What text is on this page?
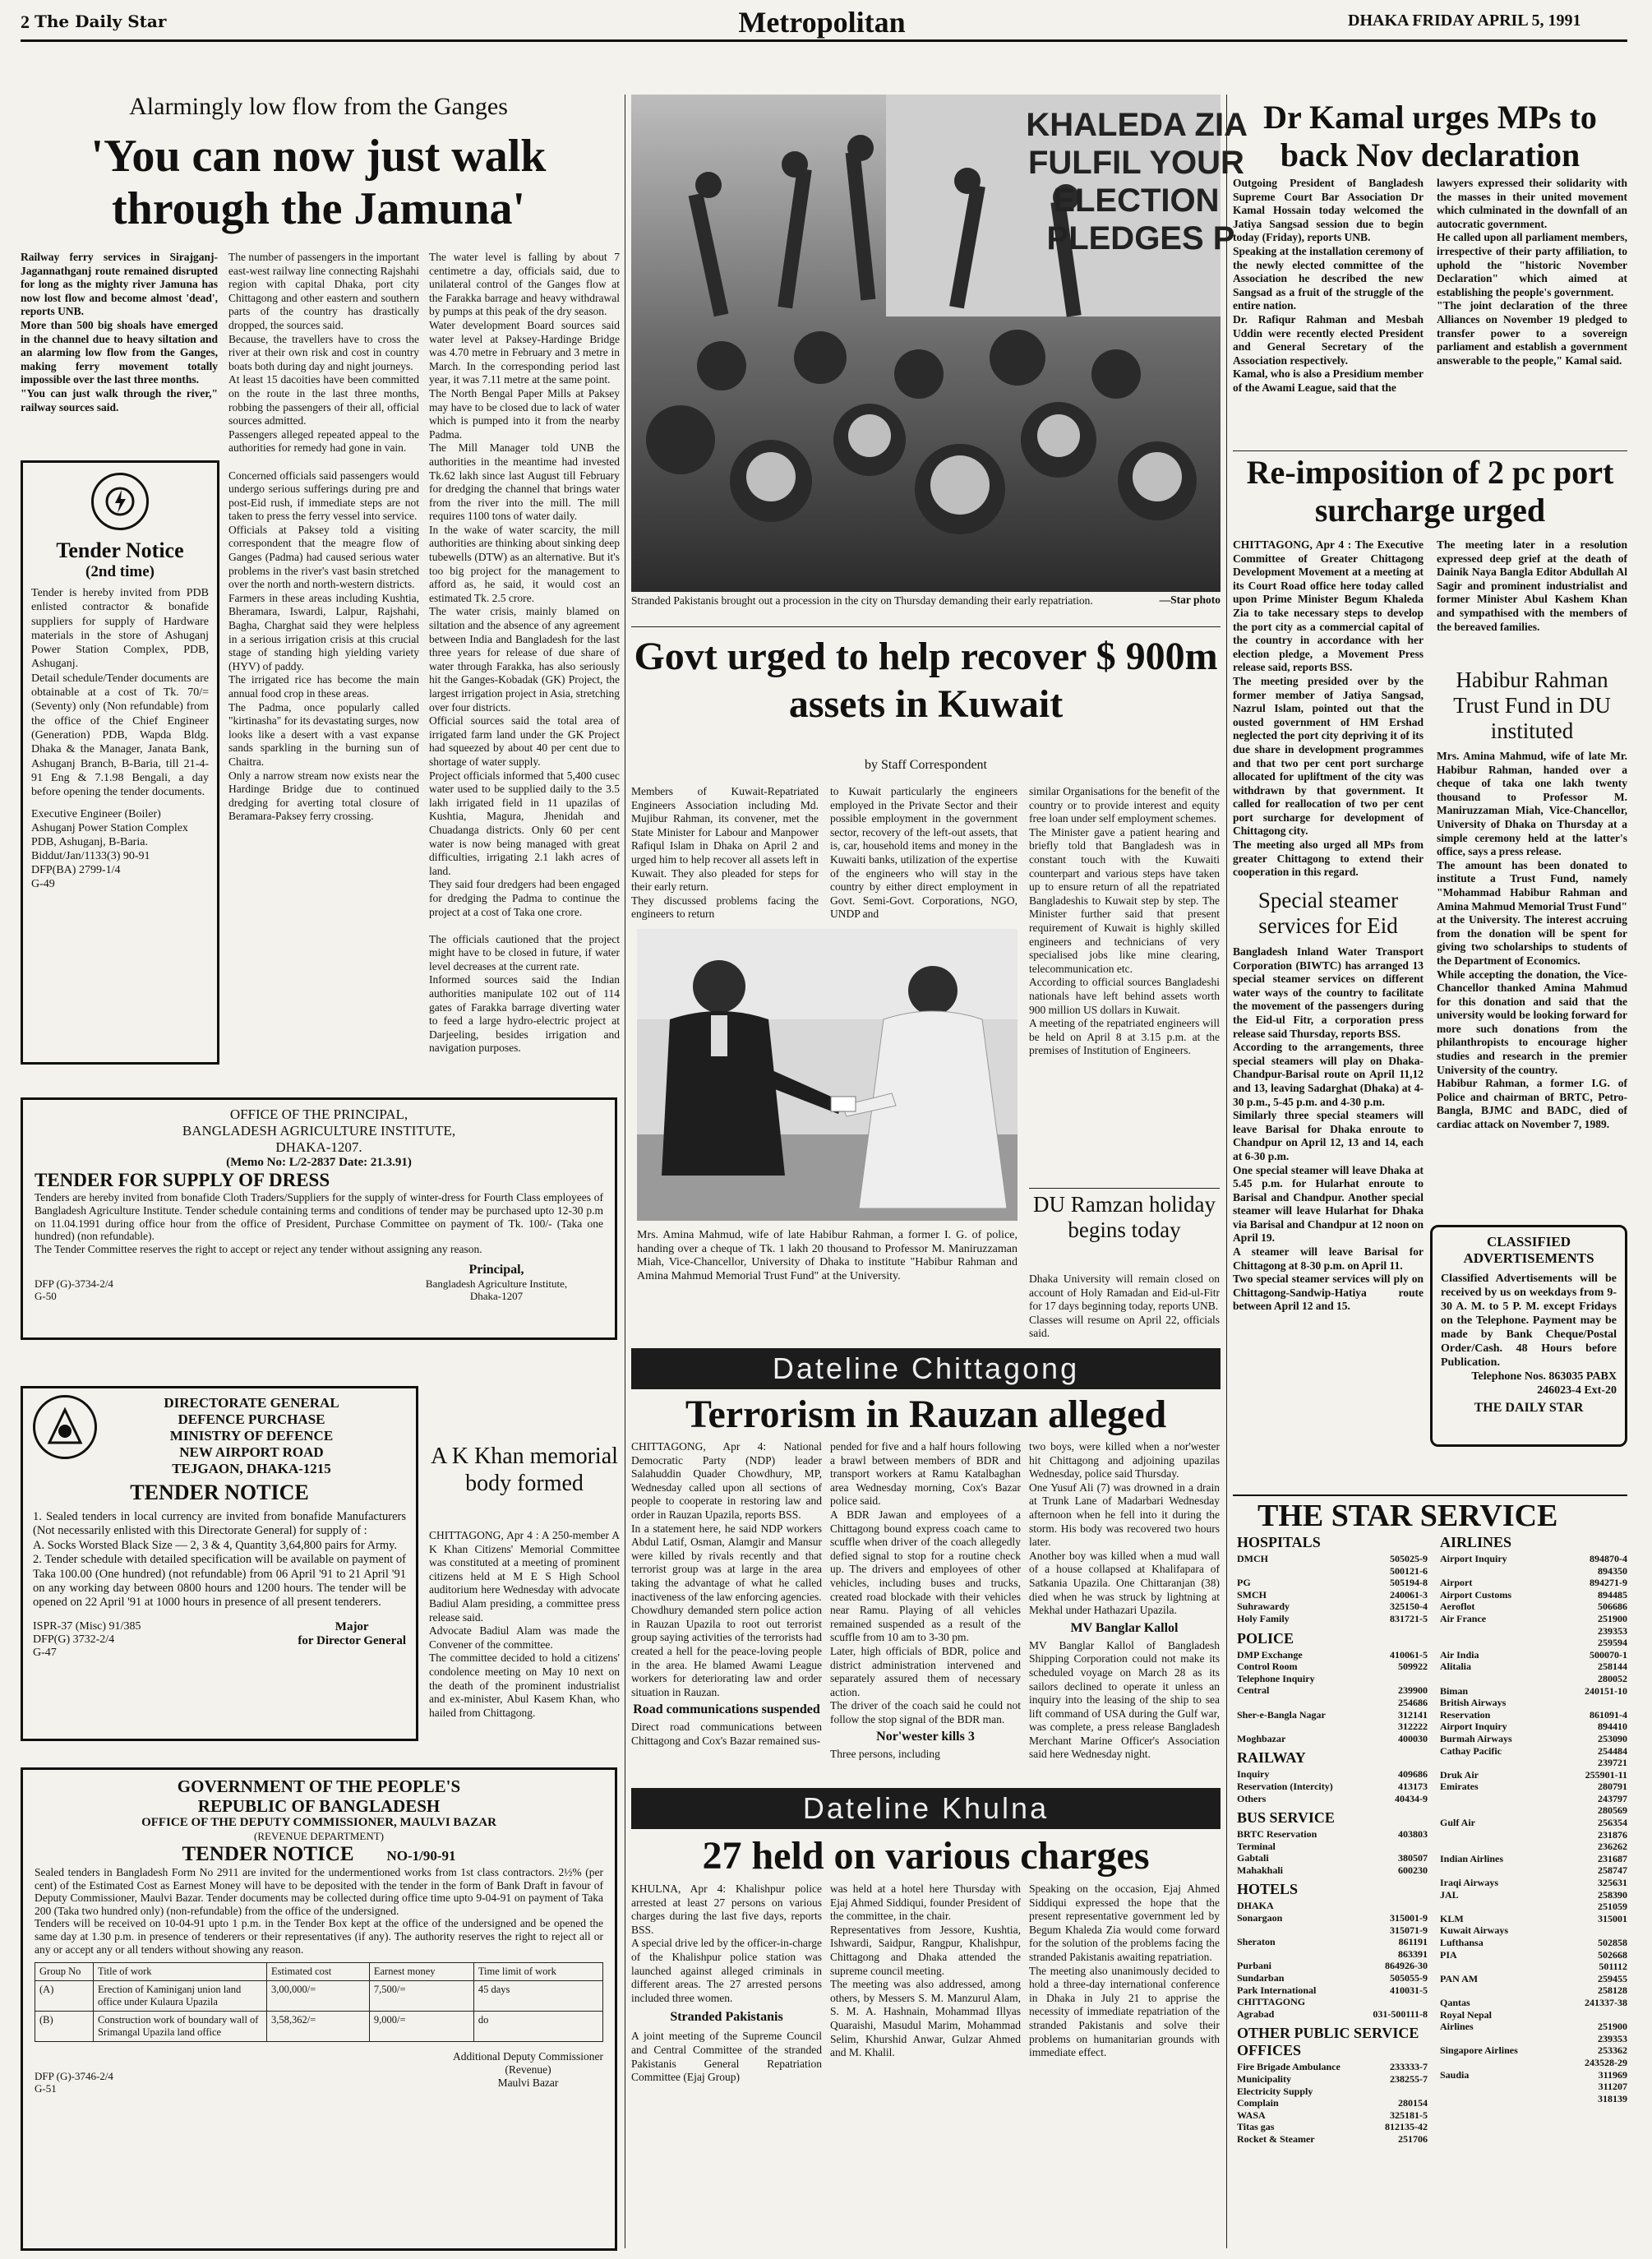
2 The Daily Star	Metropolitan	DHAKA FRIDAY APRIL 5, 1991
Alarmingly low flow from the Ganges
'You can now just walk through the Jamuna'

Railway ferry services in Sirajganj-Jagannathganj route remained disrupted for long as the mighty river Jamuna has now lost flow and become almost 'dead', reports UNB.
More than 500 big shoals have emerged in the channel due to heavy siltation and an alarming low flow from the Ganges, making ferry movement totally impossible over the last three months.
"You can just walk through the river," railway sources said.

The number of passengers in the important east-west railway line connecting Rajshahi region with capital Dhaka, port city Chittagong and other eastern and southern parts of the country has drastically dropped, the sources said.
Because, the travellers have to cross the river at their own risk and cost in country boats both during day and night journeys.
At least 15 dacoities have been committed on the route in the last three months, robbing the passengers of their all, official sources admitted.
Passengers alleged repeated appeal to the authorities for remedy had gone in vain.

Concerned officials said passengers would undergo serious sufferings during pre and post-Eid rush, if immediate steps are not taken to press the ferry vessel into service.
Officials at Paksey told a visiting correspondent that the meagre flow of Ganges (Padma) had caused serious water problems in the river's vast basin stretched over the north and north-western districts.
Farmers in these areas including Kushtia, Bheramara, Iswardi, Lalpur, Rajshahi, Bagha, Charghat said they were helpless in a serious irrigation crisis at this crucial stage of standing high yielding variety (HYV) of paddy.
The irrigated rice has become the main annual food crop in these areas.
The Padma, once popularly called "kirtinasha" for its devastating surges, now looks like a desert with a vast expanse sands sparkling in the burning sun of Chaitra.
Only a narrow stream now exists near the Hardinge Bridge due to continued dredging for averting total closure of Beramara-Paksey ferry crossing.

The water level is falling by about 7 centimetre a day, officials said, due to unilateral control of the Ganges flow at the Farakka barrage and heavy withdrawal by pumps at this peak of the dry season.
Water development Board sources said water level at Paksey-Hardinge Bridge was 4.70 metre in February and 3 metre in March. In the corresponding period last year, it was 7.11 metre at the same point.
The North Bengal Paper Mills at Paksey may have to be closed due to lack of water which is pumped into it from the nearby Padma.
The Mill Manager told UNB the authorities in the meantime had invested Tk.62 lakh since last August till February for dredging the channel that brings water from the river into the mill. The mill requires 1100 tons of water daily.
In the wake of water scarcity, the mill authorities are thinking about sinking deep tubewells (DTW) as an alternative. But it's too big project for the management to afford as, he said, it would cost an estimated Tk. 2.5 crore.
The water crisis, mainly blamed on siltation and the absence of any agreement between India and Bangladesh for the last three years for release of due share of water through Farakka, has also seriously hit the Ganges-Kobadak (GK) Project, the largest irrigation project in Asia, stretching over four districts.
Official sources said the total area of irrigated farm land under the GK Project had squeezed by about 40 per cent due to shortage of water supply.
Project officials informed that 5,400 cusec water used to be supplied daily to the 3.5 lakh irrigated field in 11 upazilas of Kushtia, Magura, Jhenidah and Chuadanga districts. Only 60 per cent water is now being managed with great difficulties, irrigating 2.1 lakh acres of land.
They said four dredgers had been engaged for dredging the Padma to continue the project at a cost of Taka one crore.

The officials cautioned that the project might have to be closed in future, if water level decreases at the current rate.
Informed sources said the Indian authorities manipulate 102 out of 114 gates of Farakka barrage diverting water to feed a large hydro-electric project at Darjeeling, besides irrigation and navigation purposes.

Tender Notice
(2nd time)

Tender is hereby invited from PDB enlisted contractor & bonafide suppliers for supply of Hardware materials in the store of Ashuganj Power Station Complex, PDB, Ashuganj.
Detail schedule/Tender documents are obtainable at a cost of Tk. 70/= (Seventy) only (Non refundable) from the office of the Chief Engineer (Generation) PDB, Wapda Bldg. Dhaka & the Manager, Janata Bank, Ashuganj Branch, B-Baria, till 21-4-91 Eng & 7.1.98 Bengali, a day before opening the tender documents.

Executive Engineer (Boiler)
Ashuganj Power Station Complex
PDB, Ashuganj, B-Baria.
Biddut/Jan/1133(3) 90-91
DFP(BA) 2799-1/4
G-49

OFFICE OF THE PRINCIPAL,
BANGLADESH AGRICULTURE INSTITUTE,
DHAKA-1207.
(Memo No: L/2-2837 Date: 21.3.91)
TENDER FOR SUPPLY OF DRESS

Tenders are hereby invited from bonafide Cloth Traders/Suppliers for the supply of winter-dress for Fourth Class employees of Bangladesh Agriculture Institute. Tender schedule containing terms and conditions of tender may be purchased upto 12-30 p.m on 11.04.1991 during office hour from the office of President, Purchase Committee on payment of Tk. 100/- (Taka one hundred) (non refundable).
The Tender Committee reserves the right to accept or reject any tender without assigning any reason.

DFP (G)-3734-2/4
G-50

Principal,

Bangladesh Agriculture Institute,
Dhaka-1207

DIRECTORATE GENERAL
DEFENCE PURCHASE
MINISTRY OF DEFENCE
NEW AIRPORT ROAD
TEJGAON, DHAKA-1215
TENDER NOTICE

1. Sealed tenders in local currency are invited from bonafide Manufacturers (Not necessarily enlisted with this Directorate General) for supply of :
A. Socks Worsted Black Size — 2, 3 & 4, Quantity 3,64,800 pairs for Army.
2. Tender schedule with detailed specification will be available on payment of Taka 100.00 (One hundred) (not refundable) from 06 April '91 to 21 April '91 on any working day between 0800 hours and 1200 hours. The tender will be opened on 22 April '91 at 1000 hours in presence of all present tenderers.

ISPR-37 (Misc) 91/385
DFP(G) 3732-2/4
G-47

Major
for Director General

A K Khan memorial body formed

CHITTAGONG, Apr 4 : A 250-member A K Khan Citizens' Memorial Committee was constituted at a meeting of prominent citizens held at M E S High School auditorium here Wednesday with advocate Badiul Alam presiding, a committee press release said.
Advocate Badiul Alam was made the Convener of the committee.
The committee decided to hold a citizens' condolence meeting on May 10 next on the death of the prominent industrialist and ex-minister, Abul Kasem Khan, who hailed from Chittagong.

GOVERNMENT OF THE PEOPLE'S
REPUBLIC OF BANGLADESH
OFFICE OF THE DEPUTY COMMISSIONER, MAULVI BAZAR
(REVENUE DEPARTMENT)
TENDER NOTICE NO-1/90-91

Sealed tenders in Bangladesh Form No 2911 are invited for the undermentioned works from 1st class contractors. 2½% (per cent) of the Estimated Cost as Earnest Money will have to be deposited with the tender in the form of Bank Draft in favour of Deputy Commissioner, Maulvi Bazar. Tender documents may be collected during office time upto 9-04-91 on payment of Taka 200 (Taka two hundred only) (non-refundable) from the office of the undersigned.
Tenders will be received on 10-04-91 upto 1 p.m. in the Tender Box kept at the office of the undersigned and be opened the same day at 1.30 p.m. in presence of tenderers or their representatives (if any). The authority reserves the right to reject all or any or accept any or all tenders without showing any reason.

Group No	Title of work	Estimated cost	Earnest money	Time limit of work
(A)	Erection of Kaminiganj union land office under Kulaura Upazila	3,00,000/=	7,500/=	45 days
(B)	Construction work of boundary wall of Srimangal Upazila land office	3,58,362/=	9,000/=	do

DFP (G)-3746-2/4
G-51

Additional Deputy Commissioner
(Revenue)
Maulvi Bazar

KHALEDA ZIA FULFIL YOUR ELECTION PLEDGES P
Stranded Pakistanis brought out a procession in the city on Thursday demanding their early repatriation.	—Star photo
Govt urged to help recover $ 900m assets in Kuwait
by Staff Correspondent

Members of Kuwait-Repatriated Engineers Association including Md. Mujibur Rahman, its convener, met the State Minister for Labour and Manpower Rafiqul Islam in Dhaka on April 2 and urged him to help recover all assets left in Kuwait. They also pleaded for steps for their early return.
They discussed problems facing the engineers to return

to Kuwait particularly the engineers employed in the Private Sector and their possible employment in the government sector, recovery of the left-out assets, that is, car, household items and money in the Kuwaiti banks, utilization of the expertise of the engineers who will stay in the country by either direct employment in Govt. Semi-Govt. Corporations, NGO, UNDP and

similar Organisations for the benefit of the country or to provide interest and equity free loan under self employment schemes.
The Minister gave a patient hearing and briefly told that Bangladesh was in constant touch with the Kuwaiti counterpart and various steps have taken up to ensure return of all the repatriated Bangladeshis to Kuwait step by step. The Minister further said that present requirement of Kuwait is highly skilled engineers and technicians of very specialised jobs like mine clearing, telecommunication etc.
According to official sources Bangladeshi nationals have left behind assets worth 900 million US dollars in Kuwait.
A meeting of the repatriated engineers will be held on April 8 at 3.15 p.m. at the premises of Institution of Engineers.

Mrs. Amina Mahmud, wife of late Habibur Rahman, a former I. G. of police, handing over a cheque of Tk. 1 lakh 20 thousand to Professor M. Maniruzzaman Miah, Vice-Chancellor, University of Dhaka to institute "Habibur Rahman and Amina Mahmud Memorial Trust Fund" at the University.

DU Ramzan holiday begins today

Dhaka University will remain closed on account of Holy Ramadan and Eid-ul-Fitr for 17 days beginning today, reports UNB.
Classes will resume on April 22, officials said.

Dateline Chittagong
Terrorism in Rauzan alleged

CHITTAGONG, Apr 4: National Democratic Party (NDP) leader Salahuddin Quader Chowdhury, MP, Wednesday called upon all sections of people to cooperate in restoring law and order in Rauzan Upazila, reports BSS.
In a statement here, he said NDP workers Abdul Latif, Osman, Alamgir and Mansur were killed by rivals recently and that terrorist group was at large in the area taking the advantage of what he called inactiveness of the law enforcing agencies.
Chowdhury demanded stern police action in Rauzan Upazila to root out terrorist group saying activities of the terrorists had created a hell for the peace-loving people in the area. He blamed Awami League workers for deteriorating law and order situation in Rauzan.

Road communications suspended

Direct road communications between Chittagong and Cox's Bazar remained sus-

pended for five and a half hours following a brawl between members of BDR and transport workers at Ramu Katalbaghan area Wednesday morning, Cox's Bazar police said.
A BDR Jawan and employees of a Chittagong bound express coach came to scuffle when driver of the coach allegedly defied signal to stop for a routine check up. The drivers and employees of other vehicles, including buses and trucks, created road blockade with their vehicles near Ramu. Playing of all vehicles remained suspended as a result of the scuffle from 10 am to 3-30 pm.
Later, high officials of BDR, police and district administration intervened and separately assured them of necessary action.
The driver of the coach said he could not follow the stop signal of the BDR man.

Nor'wester kills 3

Three persons, including

two boys, were killed when a nor'wester hit Chittagong and adjoining upazilas Wednesday, police said Thursday.
One Yusuf Ali (7) was drowned in a drain at Trunk Lane of Madarbari Wednesday afternoon when he fell into it during the storm. His body was recovered two hours later.
Another boy was killed when a mud wall of a house collapsed at Khalifapara of Satkania Upazila. One Chittaranjan (38) died when he was struck by lightning at Mekhal under Hathazari Upazila.

MV Banglar Kallol

MV Banglar Kallol of Bangladesh Shipping Corporation could not make its scheduled voyage on March 28 as its sailors declined to operate it unless an inquiry into the leasing of the ship to sea lift command of USA during the Gulf war, was complete, a press release Bangladesh Merchant Marine Officer's Association said here Wednesday night.

Dateline Khulna
27 held on various charges

KHULNA, Apr 4: Khalishpur police arrested at least 27 persons on various charges during the last five days, reports BSS.
A special drive led by the officer-in-charge of the Khalishpur police station was launched against alleged criminals in different areas. The 27 arrested persons included three women.

Stranded Pakistanis

A joint meeting of the Supreme Council and Central Committee of the stranded Pakistanis General Repatriation Committee (Ejaj Group)

was held at a hotel here Thursday with Ejaj Ahmed Siddiqui, founder President of the committee, in the chair.
Representatives from Jessore, Kushtia, Ishwardi, Saidpur, Rangpur, Khalishpur, Chittagong and Dhaka attended the supreme council meeting.
The meeting was also addressed, among others, by Messers S. M. Manzurul Alam, S. M. A. Hashnain, Mohammad Illyas Quaraishi, Masudul Marim, Mohammad Selim, Khurshid Anwar, Gulzar Ahmed and M. Khalil.

Speaking on the occasion, Ejaj Ahmed Siddiqui expressed the hope that the present representative government led by Begum Khaleda Zia would come forward for the solution of the problems facing the stranded Pakistanis awaiting repatriation.
The meeting also unanimously decided to hold a three-day international conference in Dhaka in July 21 to apprise the necessity of immediate repatriation of the stranded Pakistanis and solve their problems on humanitarian grounds with immediate effect.

Dr Kamal urges MPs to back Nov declaration

Outgoing President of Bangladesh Supreme Court Bar Association Dr Kamal Hossain today welcomed the Jatiya Sangsad session due to begin today (Friday), reports UNB.
Speaking at the installation ceremony of the newly elected committee of the Association he described the new Sangsad as a fruit of the struggle of the entire nation.
Dr. Rafiqur Rahman and Mesbah Uddin were recently elected President and General Secretary of the Association respectively.
Kamal, who is also a Presidium member of the Awami League, said that the

lawyers expressed their solidarity with the masses in their united movement which culminated in the downfall of an autocratic government.
He called upon all parliament members, irrespective of their party affiliation, to uphold the "historic November Declaration" which aimed at establishing the people's government.
"The joint declaration of the three Alliances on November 19 pledged to transfer power to a sovereign parliament and establish a government answerable to the people," Kamal said.

Re-imposition of 2 pc port surcharge urged

CHITTAGONG, Apr 4 : The Executive Committee of Greater Chittagong Development Movement at a meeting at its Court Road office here today called upon Prime Minister Begum Khaleda Zia to take necessary steps to develop the port city as a commercial capital of the country in accordance with her election pledge, a Movement Press release said, reports BSS.
The meeting presided over by the former member of Jatiya Sangsad, Nazrul Islam, pointed out that the ousted government of HM Ershad neglected the port city depriving it of its due share in development programmes and that two per cent port surcharge allocated for upliftment of the city was withdrawn by that government. It called for reallocation of two per cent port surcharge for development of Chittagong city.
The meeting also urged all MPs from greater Chittagong to extend their cooperation in this regard.

The meeting later in a resolution expressed deep grief at the death of Dainik Naya Bangla Editor Abdullah Al Sagir and prominent industrialist and former Minister Abul Kashem Khan and sympathised with the members of the bereaved families.

Habibur Rahman Trust Fund in DU instituted

Mrs. Amina Mahmud, wife of late Mr. Habibur Rahman, handed over a cheque of taka one lakh twenty thousand to Professor M. Maniruzzaman Miah, Vice-Chancellor, University of Dhaka on Thursday at a simple ceremony held at the latter's office, says a press release.
The amount has been donated to institute a Trust Fund, namely "Mohammad Habibur Rahman and Amina Mahmud Memorial Trust Fund" at the University. The interest accruing from the donation will be spent for giving two scholarships to students of the Department of Economics.
While accepting the donation, the Vice-Chancellor thanked Amina Mahmud for this donation and said that the university would be looking forward for more such donations from the philanthropists to encourage higher studies and research in the premier University of the country.
Habibur Rahman, a former I.G. of Police and chairman of BRTC, Petro-Bangla, BJMC and BADC, died of cardiac attack on November 7, 1989.

Special steamer services for Eid

Bangladesh Inland Water Transport Corporation (BIWTC) has arranged 13 special steamer services on different water ways of the country to facilitate the movement of the passengers during the Eid-ul Fitr, a corporation press release said Thursday, reports BSS.
According to the arrangements, three special steamers will play on Dhaka-Chandpur-Barisal route on April 11,12 and 13, leaving Sadarghat (Dhaka) at 4-30 p.m., 5-45 p.m. and 4-30 p.m.
Similarly three special steamers will leave Barisal for Dhaka enroute to Chandpur on April 12, 13 and 14, each at 6-30 p.m.
One special steamer will leave Dhaka at 5.45 p.m. for Hularhat enroute to Barisal and Chandpur. Another special steamer will leave Hularhat for Dhaka via Barisal and Chandpur at 12 noon on April 19.
A steamer will leave Barisal for Chittagong at 8-30 p.m. on April 11.
Two special steamer services will ply on Chittagong-Sandwip-Hatiya route between April 12 and 15.

CLASSIFIED ADVERTISEMENTS

Classified Advertisements will be received by us on weekdays from 9-30 A. M. to 5 P. M. except Fridays on the Telephone. Payment may be made by Bank Cheque/Postal Order/Cash. 48 Hours before Publication.

Telephone Nos. 863035 PABX 246023-4 Ext-20

THE DAILY STAR
THE STAR SERVICE
HOSPITALS
DMCH	505025-9
500121-6
PG	505194-8
SMCH	240061-3
Suhrawardy	325150-4
Holy Family	831721-5
POLICE
DMP Exchange	410061-5
Control Room	509922
Telephone Inquiry
Central	239900
254686
Sher-e-Bangla Nagar	312141
312222
Moghbazar	400030
RAILWAY
Inquiry	409686
Reservation (Intercity)	413173
Others	40434-9
BUS SERVICE
BRTC Reservation	403803
Terminal
Gabtali	380507
Mahakhali	600230
HOTELS
DHAKA
Sonargaon	315001-9
315071-9
Sheraton	861191
863391
Purbani	864926-30
Sundarban	505055-9
Park International	410031-5
CHITTAGONG
Agrabad	031-500111-8
OTHER PUBLIC SERVICE OFFICES
Fire Brigade Ambulance	233333-7
Municipality	238255-7
Electricity Supply
Complain	280154
WASA	325181-5
Titas gas	812135-42
Rocket & Steamer	251706
AIRLINES
Airport Inquiry	894870-4
894350
Airport	894271-9
Airport Customs	894485
Aeroflot	506686
Air France	251900
239353
259594
Air India	500070-1
Alitalia	258144
280052
Biman	240151-10
British Airways
Reservation	861091-4
Airport Inquiry	894410
Burmah Airways	253090
Cathay Pacific	254484
239721
Druk Air	255901-11
Emirates	280791
243797
280569
Gulf Air	256354
231876
236262
Indian Airlines	231687
258747
Iraqi Airways	325631
JAL	258390
251059
KLM	315001
Kuwait Airways
Lufthansa	502858
PIA	502668
501112
PAN AM	259455
258128
Qantas	241337-38
Royal Nepal
Airlines	251900
239353
Singapore Airlines	253362
243528-29
Saudia	311969
311207
318139
